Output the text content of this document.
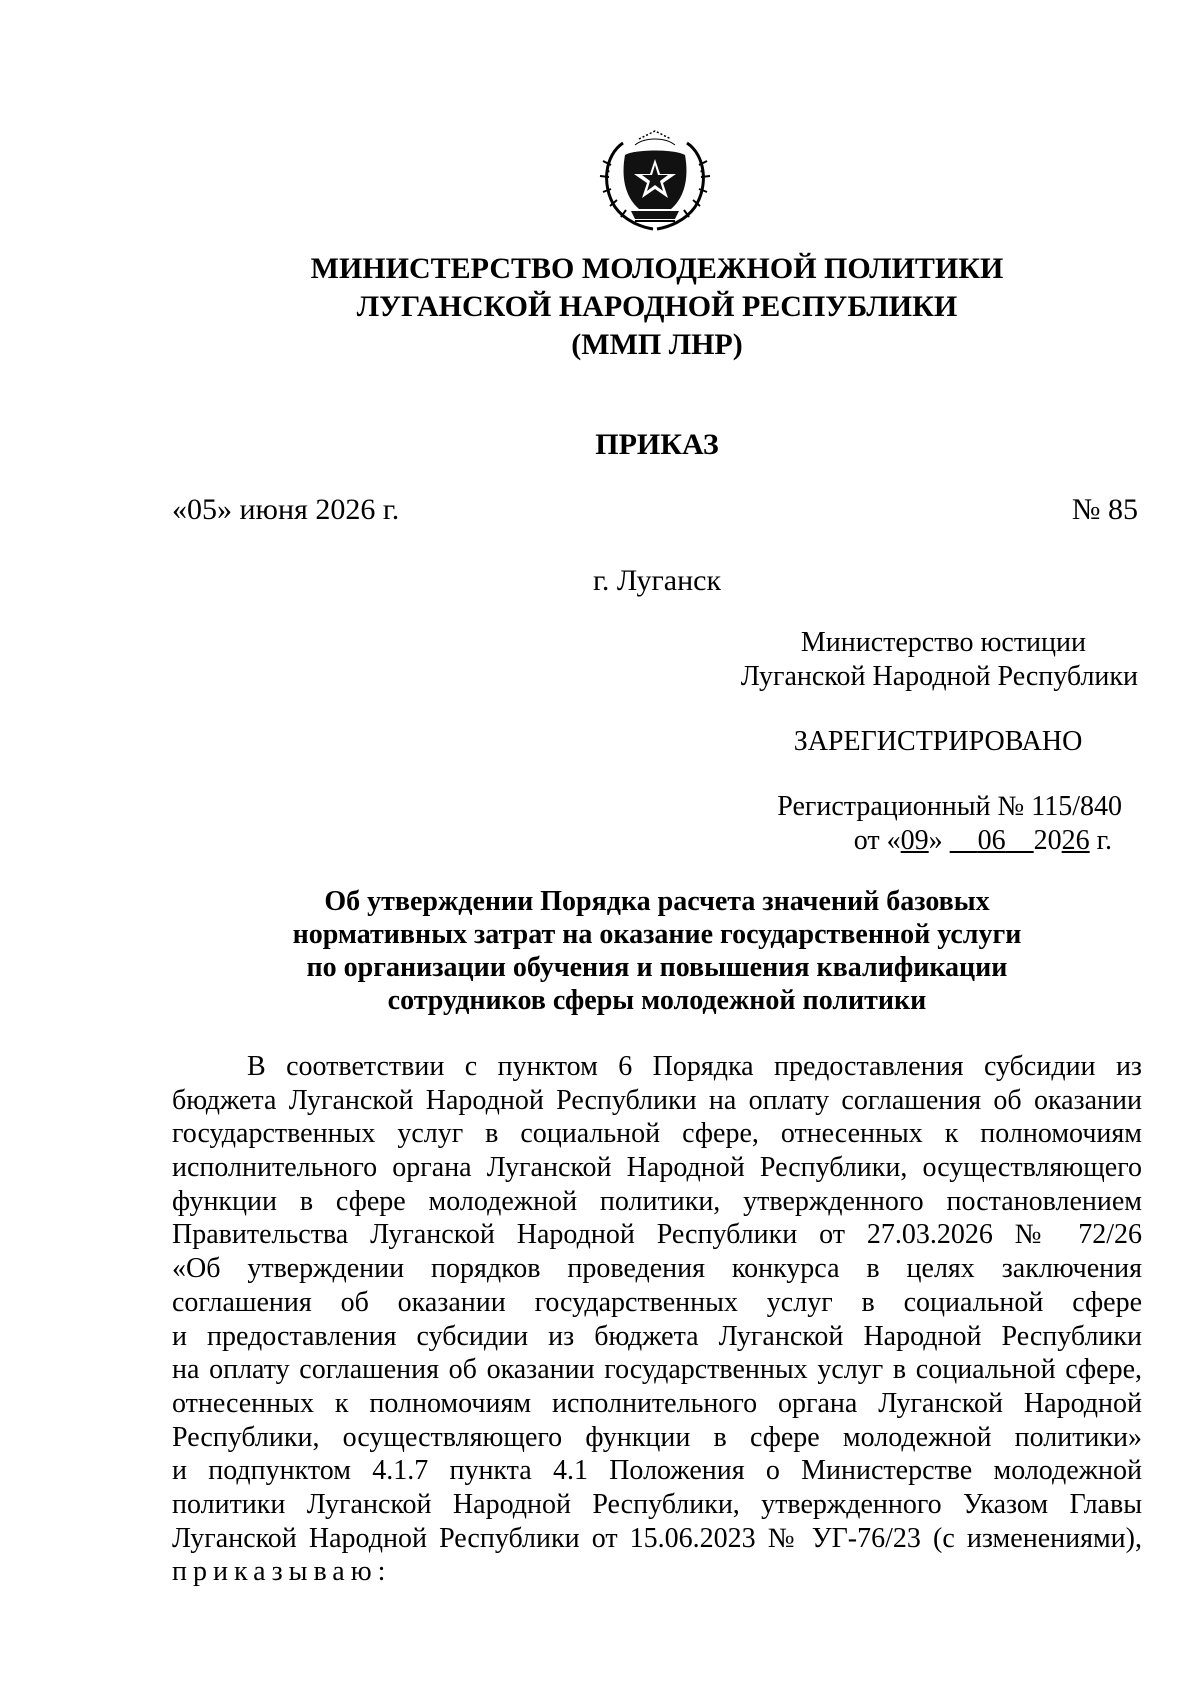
МИНИСТЕРСТВО МОЛОДЕЖНОЙ ПОЛИТИКИ
ЛУГАНСКОЙ НАРОДНОЙ РЕСПУБЛИКИ
(ММП ЛНР)
ПРИКАЗ
«05» июня 2026 г.	№ 85
г. Луганск
Министерство юстиции
Луганской Народной Республики
ЗАРЕГИСТРИРОВАНО
Регистрационный № 115/840
от «09»     06 2026 г.
Об утверждении Порядка расчета значений базовых
нормативных затрат на оказание государственной услуги
по организации обучения и повышения квалификации
сотрудников сферы молодежной политики
В соответствии с пунктом 6 Порядка предоставления субсидии из
бюджета Луганской Народной Республики на оплату соглашения об оказании
государственных услуг в социальной сфере, отнесенных к полномочиям
исполнительного органа Луганской Народной Республики, осуществляющего
функции в сфере молодежной политики, утвержденного постановлением
Правительства Луганской Народной Республики от 27.03.2026 № 72/26
«Об утверждении порядков проведения конкурса в целях заключения
соглашения об оказании государственных услуг в социальной сфере
и предоставления субсидии из бюджета Луганской Народной Республики
на оплату соглашения об оказании государственных услуг в социальной сфере,
отнесенных к полномочиям исполнительного органа Луганской Народной
Республики, осуществляющего функции в сфере молодежной политики»
и подпунктом 4.1.7 пункта 4.1 Положения о Министерстве молодежной
политики Луганской Народной Республики, утвержденного Указом Главы
Луганской Народной Республики от 15.06.2023 № УГ-76/23 (с изменениями),
приказываю:
